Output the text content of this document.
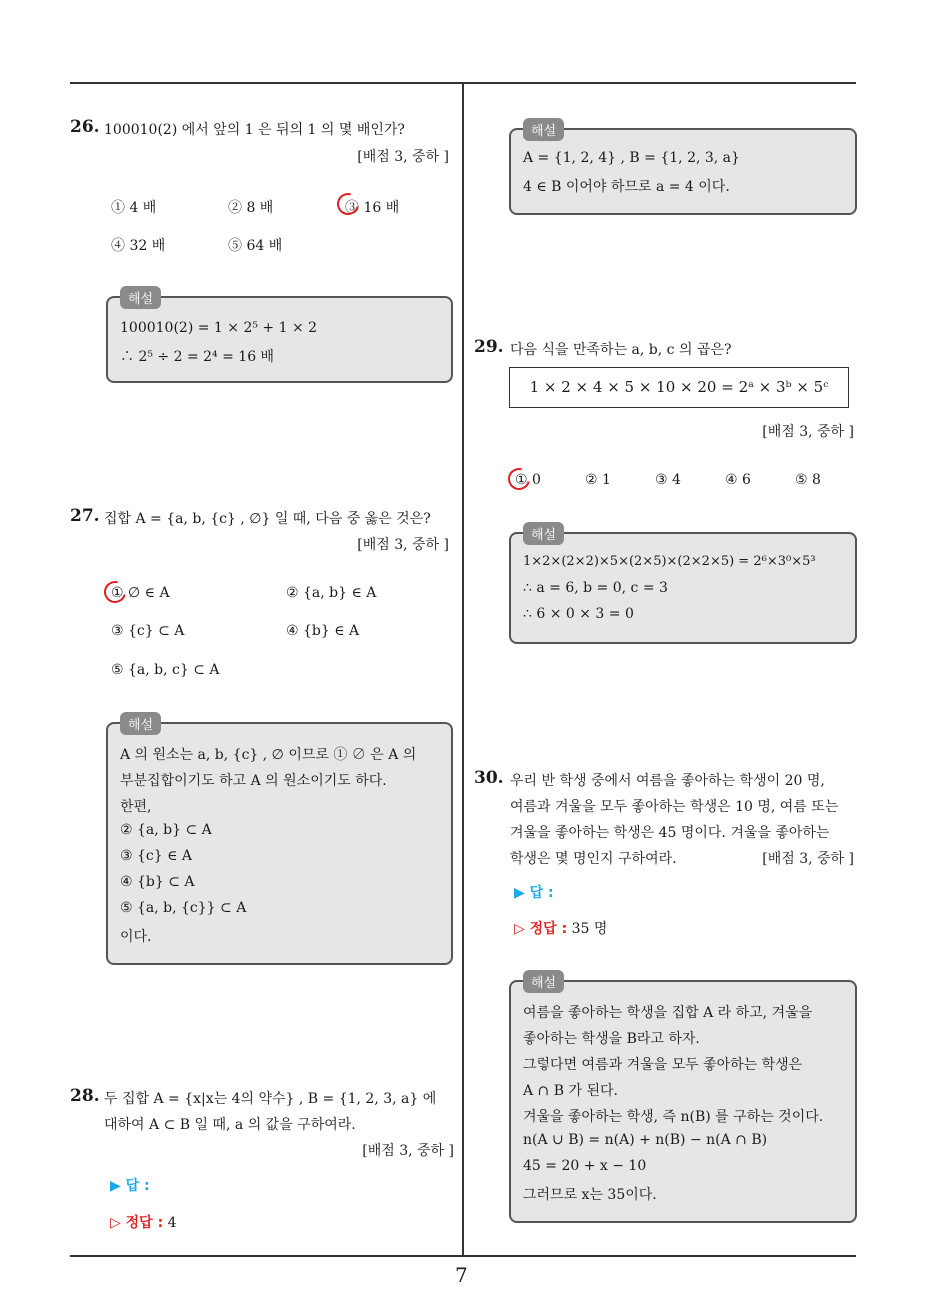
7
26. 100010(2) 에서 앞의 1 은 뒤의 1 의 몇 배인가?
[배점 3, 중하 ]
① 4 배	② 8 배	③ 16 배
④ 32 배	⑤ 64 배
해설
100010(2) = 1 × 2⁵ + 1 × 2
∴ 2⁵ ÷ 2 = 2⁴ = 16 배
27. 집합 A = {a, b, {c} , ∅} 일 때, 다음 중 옳은 것은?
[배점 3, 중하 ]
① ∅ ∈ A	② {a, b} ∈ A
③ {c} ⊂ A	④ {b} ∈ A
⑤ {a, b, c} ⊂ A
해설
A 의 원소는 a, b, {c} , ∅ 이므로 ① ∅ 은 A 의
부분집합이기도 하고 A 의 원소이기도 하다.
한편,
② {a, b} ⊂ A
③ {c} ∈ A
④ {b} ⊂ A
⑤ {a, b, {c}} ⊂ A
이다.
28. 두 집합 A = {x|x는 4의 약수} , B = {1, 2, 3, a} 에
대하여 A ⊂ B 일 때, a 의 값을 구하여라.
[배점 3, 중하 ]
▶ 답 :
▷ 정답 : 4
해설
A = {1, 2, 4} , B = {1, 2, 3, a}
4 ∈ B 이어야 하므로 a = 4 이다.
29. 다음 식을 만족하는 a, b, c 의 곱은?
1 × 2 × 4 × 5 × 10 × 20 = 2ᵃ × 3ᵇ × 5ᶜ
[배점 3, 중하 ]
① 0	② 1	③ 4	④ 6	⑤ 8
해설
1×2×(2×2)×5×(2×5)×(2×2×5) = 2⁶×3⁰×5³
∴ a = 6, b = 0, c = 3
∴ 6 × 0 × 3 = 0
30. 우리 반 학생 중에서 여름을 좋아하는 학생이 20 명,
여름과 겨울을 모두 좋아하는 학생은 10 명, 여름 또는
겨울을 좋아하는 학생은 45 명이다. 겨울을 좋아하는
학생은 몇 명인지 구하여라.	[배점 3, 중하 ]
▶ 답 :
▷ 정답 : 35 명
해설
여름을 좋아하는 학생을 집합 A 라 하고, 겨울을
좋아하는 학생을 B라고 하자.
그렇다면 여름과 겨울을 모두 좋아하는 학생은
A ∩ B 가 된다.
겨울을 좋아하는 학생, 즉 n(B) 를 구하는 것이다.
n(A ∪ B) = n(A) + n(B) − n(A ∩ B)
45 = 20 + x − 10
그러므로 x는 35이다.
